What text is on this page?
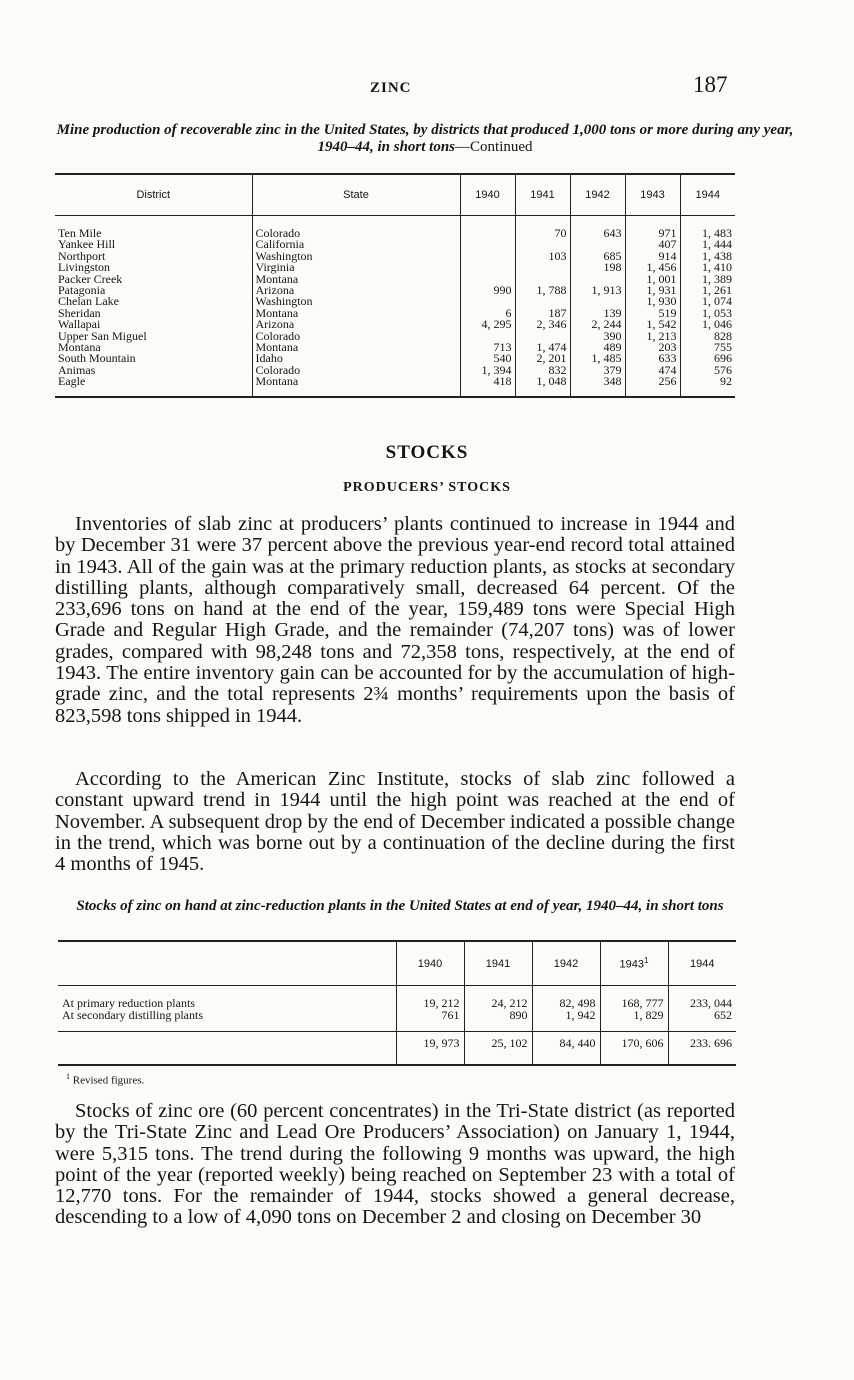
ZINC	187
Mine production of recoverable zinc in the United States, by districts that produced 1,000 tons or more during any year, 1940–44, in short tons—Continued
District	State	1940	1941	1942	1943	1944
Ten Mile	Colorado		70	643	971	1, 483
Yankee Hill	California				407	1, 444
Northport	Washington		103	685	914	1, 438
Livingston	Virginia			198	1, 456	1, 410
Packer Creek	Montana				1, 001	1, 389
Patagonia	Arizona	990	1, 788	1, 913	1, 931	1, 261
Chelan Lake	Washington				1, 930	1, 074
Sheridan	Montana	6	187	139	519	1, 053
Wallapai	Arizona	4, 295	2, 346	2, 244	1, 542	1, 046
Upper San Miguel	Colorado			390	1, 213	828
Montana	Montana	713	1, 474	489	203	755
South Mountain	Idaho	540	2, 201	1, 485	633	696
Animas	Colorado	1, 394	832	379	474	576
Eagle	Montana	418	1, 048	348	256	92
STOCKS
PRODUCERS’ STOCKS

Inventories of slab zinc at producers’ plants continued to increase in 1944 and by December 31 were 37 percent above the previous year-end record total attained in 1943. All of the gain was at the primary reduction plants, as stocks at secondary distilling plants, although comparatively small, decreased 64 percent. Of the 233,696 tons on hand at the end of the year, 159,489 tons were Special High Grade and Regular High Grade, and the remainder (74,207 tons) was of lower grades, compared with 98,248 tons and 72,358 tons, respectively, at the end of 1943. The entire inventory gain can be accounted for by the accumulation of high-grade zinc, and the total represents 2¾ months’ requirements upon the basis of 823,598 tons shipped in 1944.

According to the American Zinc Institute, stocks of slab zinc followed a constant upward trend in 1944 until the high point was reached at the end of November. A subsequent drop by the end of December indicated a possible change in the trend, which was borne out by a continuation of the decline during the first 4 months of 1945.

Stocks of zinc on hand at zinc-reduction plants in the United States at end of year, 1940–44, in short tons
	1940	1941	1942	1943$^1$	1944
At primary reduction plants	19, 212	24, 212	82, 498	168, 777	233, 044
At secondary distilling plants	761	890	1, 942	1, 829	652
	19, 973	25, 102	84, 440	170, 606	233. 696
$^1$ Revised figures.

Stocks of zinc ore (60 percent concentrates) in the Tri-State district (as reported by the Tri-State Zinc and Lead Ore Producers’ Association) on January 1, 1944, were 5,315 tons. The trend during the following 9 months was upward, the high point of the year (reported weekly) being reached on September 23 with a total of 12,770 tons. For the remainder of 1944, stocks showed a general decrease, descending to a low of 4,090 tons on December 2 and closing on December 30
